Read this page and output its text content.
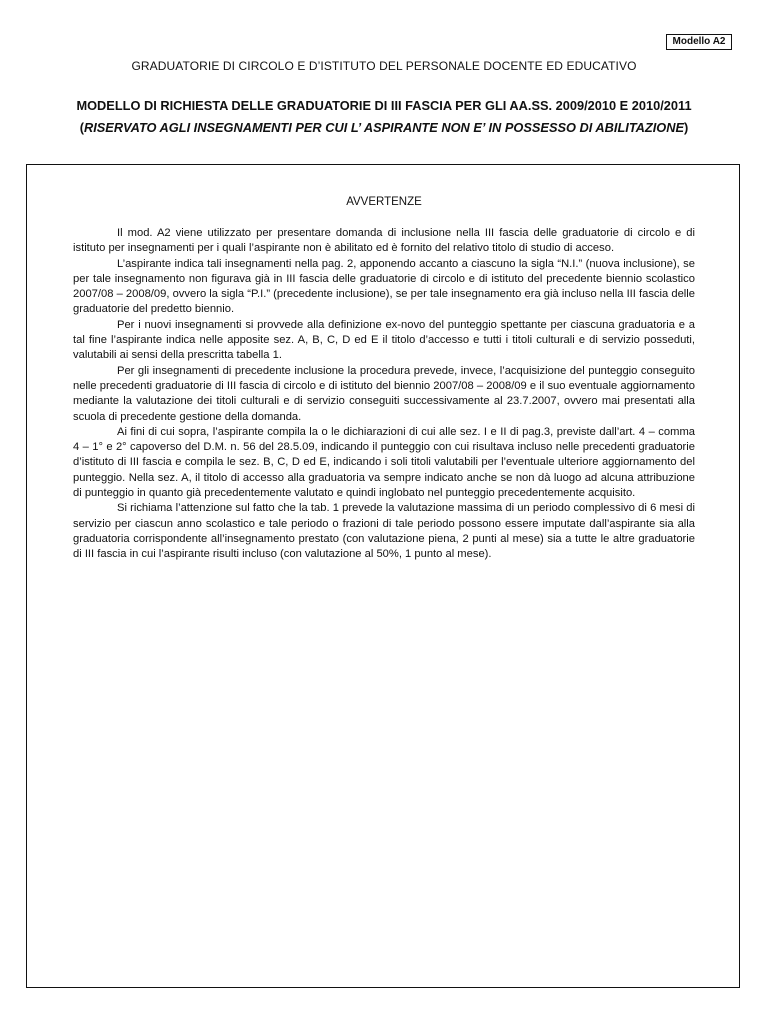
Modello A2
GRADUATORIE DI CIRCOLO E D’ISTITUTO DEL PERSONALE DOCENTE ED EDUCATIVO
MODELLO DI RICHIESTA DELLE GRADUATORIE DI III FASCIA PER GLI AA.SS. 2009/2010 E 2010/2011
(RISERVATO AGLI INSEGNAMENTI PER CUI L’ ASPIRANTE NON E’ IN POSSESSO DI ABILITAZIONE)
AVVERTENZE

Il mod. A2 viene utilizzato per presentare domanda di inclusione nella III fascia delle graduatorie di circolo e di istituto per insegnamenti per i quali l’aspirante non è abilitato ed è fornito del relativo titolo di studio di acceso.

L’aspirante indica tali insegnamenti nella pag. 2, apponendo accanto a ciascuno la sigla “N.I.” (nuova inclusione), se per tale insegnamento non figurava già in III fascia delle graduatorie di circolo e di istituto del precedente biennio scolastico 2007/08 – 2008/09, ovvero la sigla “P.I.” (precedente inclusione), se per tale insegnamento era già incluso nella III fascia delle graduatorie del predetto biennio.

Per i nuovi insegnamenti si provvede alla definizione ex-novo del punteggio spettante per ciascuna graduatoria e a tal fine l’aspirante indica nelle apposite sez. A, B, C, D ed E il titolo d’accesso e tutti i titoli culturali e di servizio posseduti, valutabili ai sensi della prescritta tabella 1.

Per gli insegnamenti di precedente inclusione la procedura prevede, invece, l’acquisizione del punteggio conseguito nelle precedenti graduatorie di III fascia di circolo e di istituto del biennio 2007/08 – 2008/09 e il suo eventuale aggiornamento mediante la valutazione dei titoli culturali e di servizio conseguiti successivamente al 23.7.2007, ovvero mai presentati alla scuola di precedente gestione della domanda.

Ai fini di cui sopra, l’aspirante compila la o le dichiarazioni di cui alle sez. I e II di pag.3, previste dall’art. 4 – comma 4 – 1° e 2° capoverso del D.M. n. 56 del 28.5.09, indicando il punteggio con cui risultava incluso nelle precedenti graduatorie d’istituto di III fascia e compila le sez. B, C, D ed E, indicando i soli titoli valutabili per l’eventuale ulteriore aggiornamento del punteggio. Nella sez. A, il titolo di accesso alla graduatoria va sempre indicato anche se non dà luogo ad alcuna attribuzione di punteggio in quanto già precedentemente valutato e quindi inglobato nel punteggio precedentemente acquisito.

Si richiama l’attenzione sul fatto che la tab. 1 prevede la valutazione massima di un periodo complessivo di 6 mesi di servizio per ciascun anno scolastico e tale periodo o frazioni di tale periodo possono essere imputate dall’aspirante sia alla graduatoria corrispondente all’insegnamento prestato (con valutazione piena, 2 punti al mese) sia a tutte le altre graduatorie di III fascia in cui l’aspirante risulti incluso (con valutazione al 50%, 1 punto al mese).
